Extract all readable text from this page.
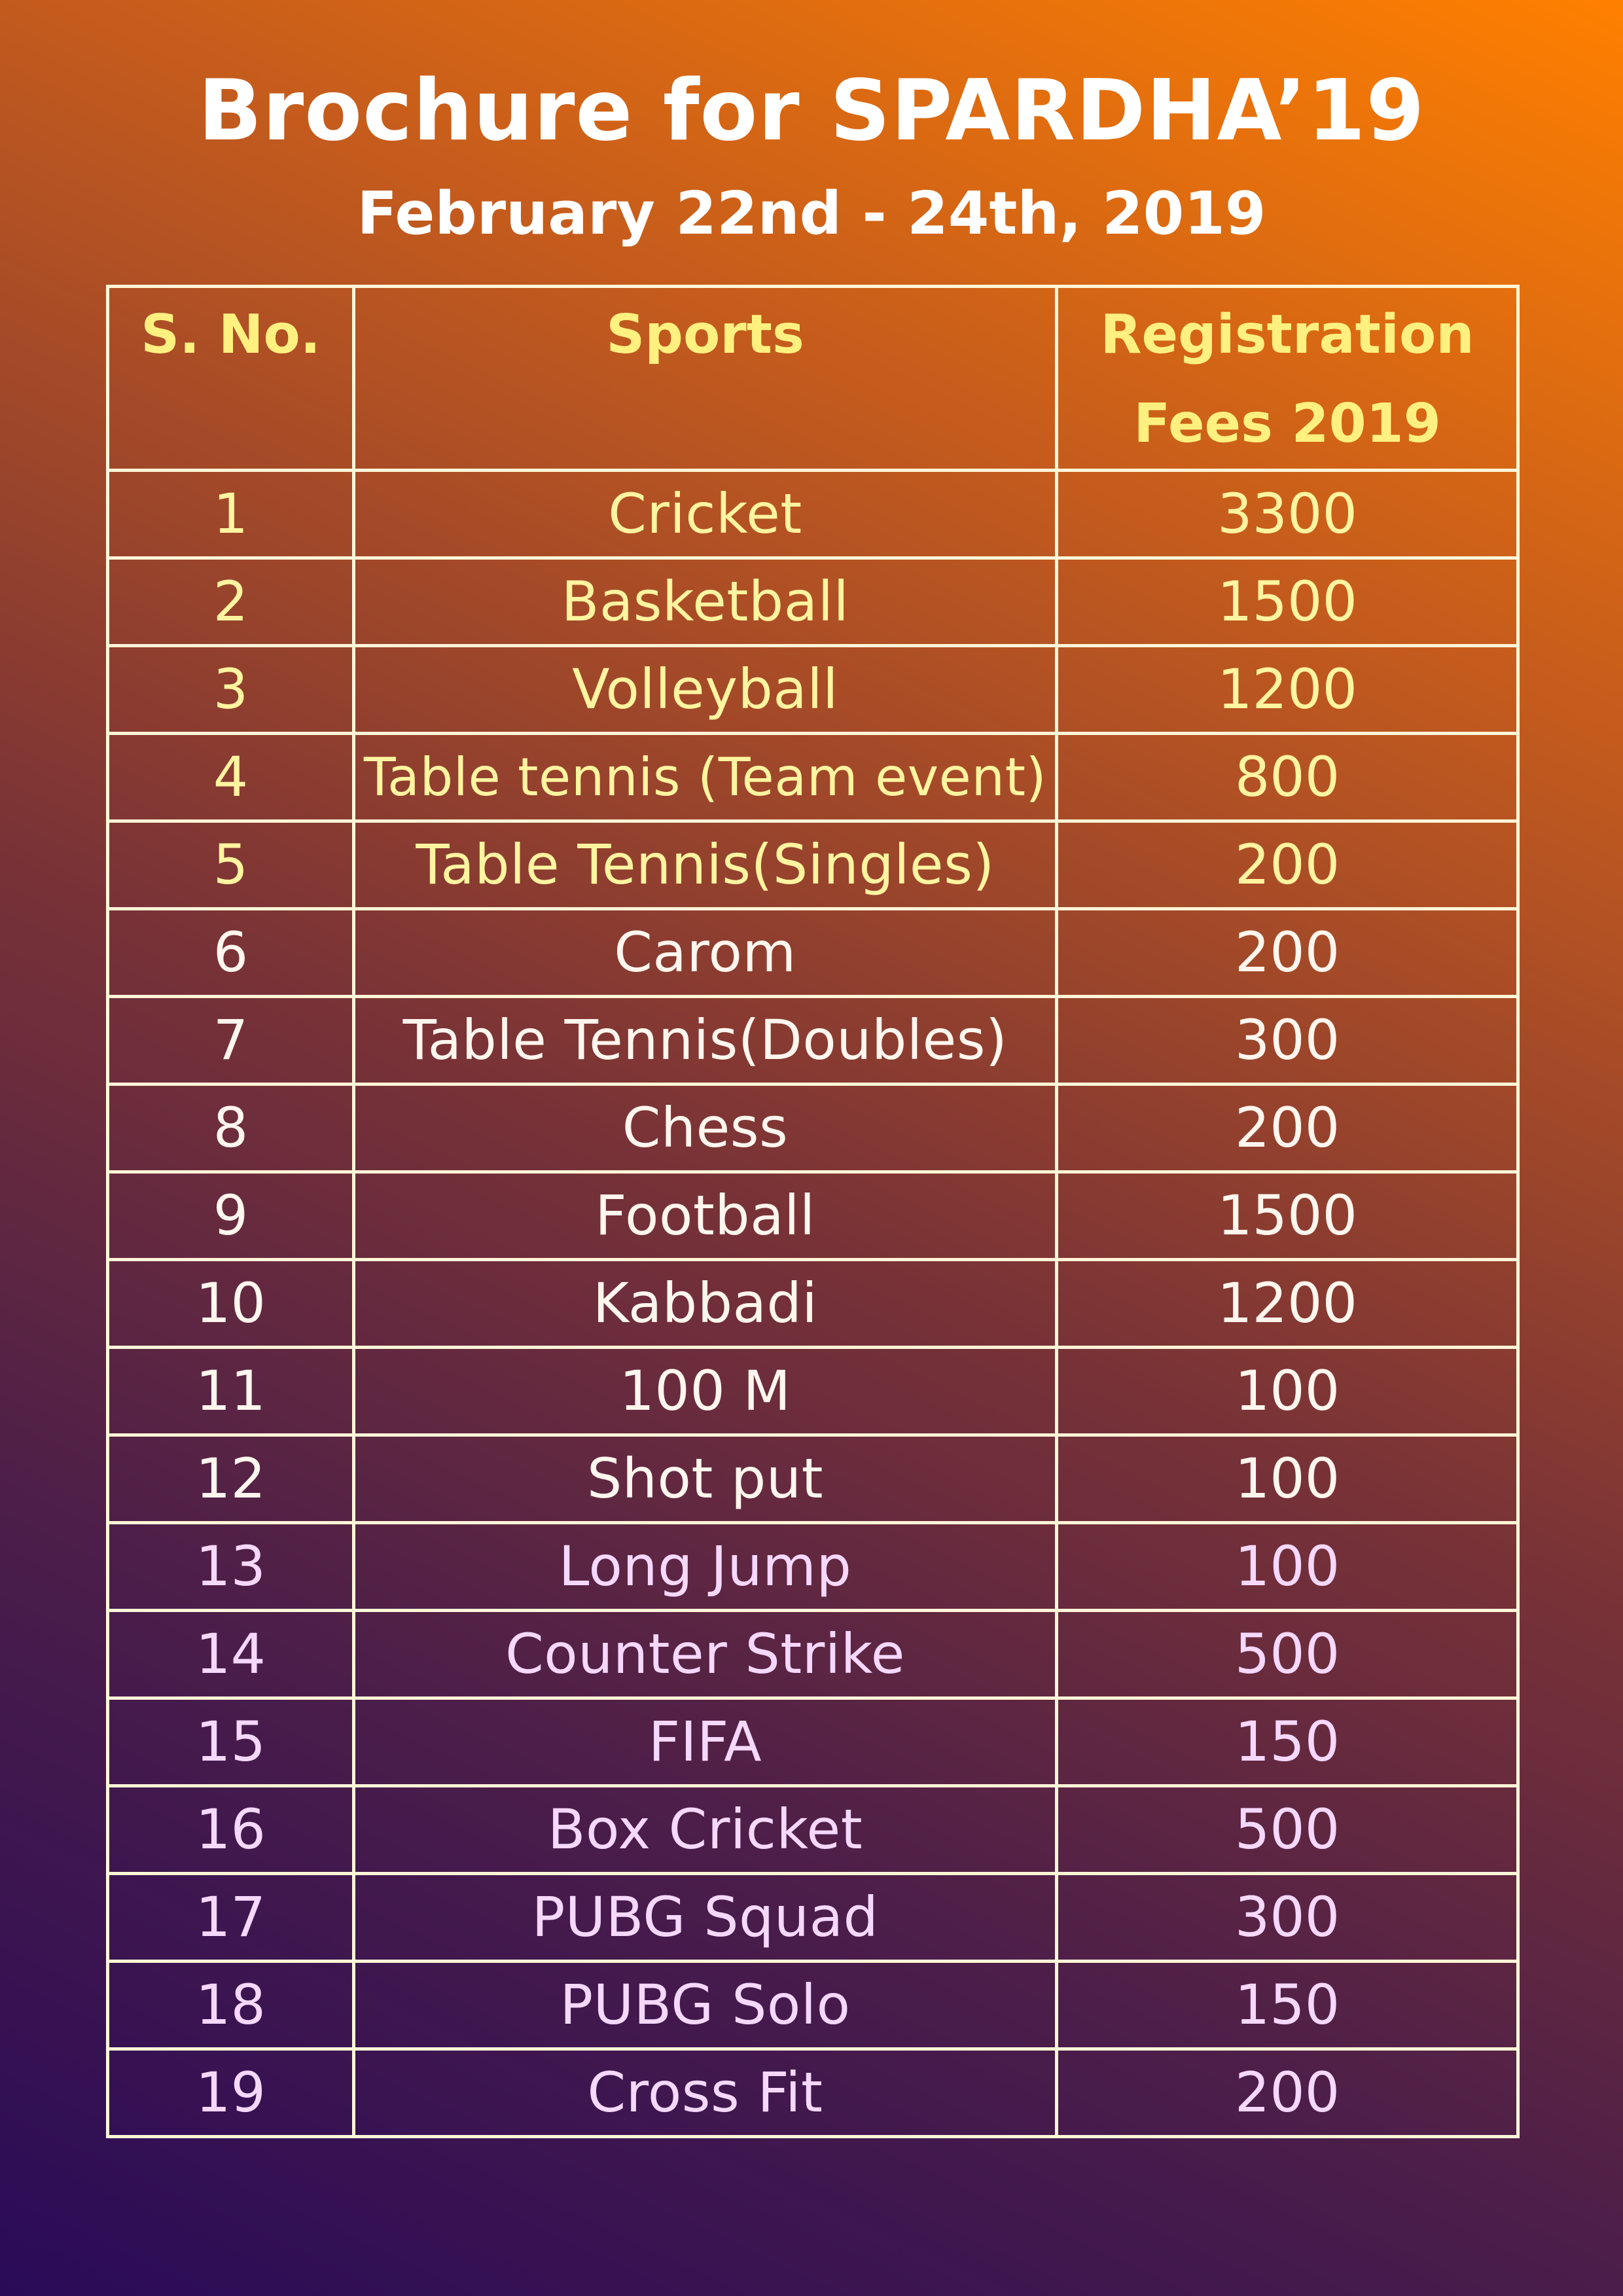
Brochure for SPARDHA’19
February 22nd - 24th, 2019
S. No.	Sports	Registration
Fees 2019
1	Cricket	3300
2	Basketball	1500
3	Volleyball	1200
4	Table tennis (Team event)	800
5	Table Tennis(Singles)	200
6	Carom	200
7	Table Tennis(Doubles)	300
8	Chess	200
9	Football	1500
10	Kabbadi	1200
11	100 M	100
12	Shot put	100
13	Long Jump	100
14	Counter Strike	500
15	FIFA	150
16	Box Cricket	500
17	PUBG Squad	300
18	PUBG Solo	150
19	Cross Fit	200
